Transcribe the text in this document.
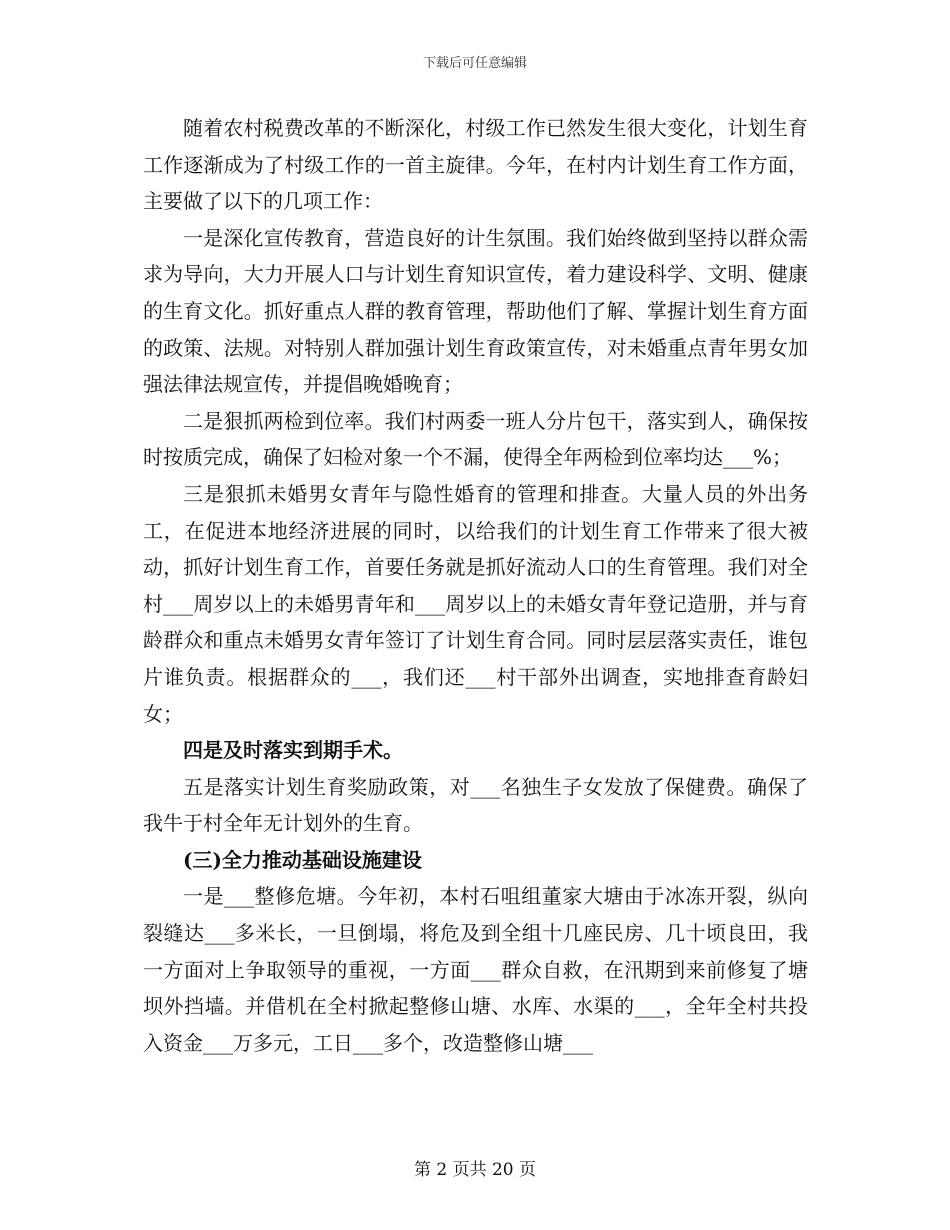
下载后可任意编辑

随着农村税费改革的不断深化，村级工作已然发生很大变化，计划生育工作逐渐成为了村级工作的一首主旋律。今年，在村内计划生育工作方面，主要做了以下的几项工作：

一是深化宣传教育，营造良好的计生氛围。我们始终做到坚持以群众需求为导向，大力开展人口与计划生育知识宣传，着力建设科学、文明、健康的生育文化。抓好重点人群的教育管理，帮助他们了解、掌握计划生育方面的政策、法规。对特别人群加强计划生育政策宣传，对未婚重点青年男女加强法律法规宣传，并提倡晚婚晚育；

二是狠抓两检到位率。我们村两委一班人分片包干，落实到人，确保按时按质完成，确保了妇检对象一个不漏，使得全年两检到位率均达___%；

三是狠抓未婚男女青年与隐性婚育的管理和排查。大量人员的外出务工，在促进本地经济进展的同时，以给我们的计划生育工作带来了很大被动，抓好计划生育工作，首要任务就是抓好流动人口的生育管理。我们对全村___周岁以上的未婚男青年和___周岁以上的未婚女青年登记造册，并与育龄群众和重点未婚男女青年签订了计划生育合同。同时层层落实责任，谁包片谁负责。根据群众的___，我们还___村干部外出调查，实地排查育龄妇女；

四是及时落实到期手术。

五是落实计划生育奖励政策，对___名独生子女发放了保健费。确保了我牛于村全年无计划外的生育。

(三)全力推动基础设施建设

一是___整修危塘。今年初，本村石咀组董家大塘由于冰冻开裂，纵向裂缝达___多米长，一旦倒塌，将危及到全组十几座民房、几十顷良田，我一方面对上争取领导的重视，一方面___群众自救，在汛期到来前修复了塘坝外挡墙。并借机在全村掀起整修山塘、水库、水渠的___，全年全村共投入资金___万多元，工日___多个，改造整修山塘___

第 2 页共 20 页
